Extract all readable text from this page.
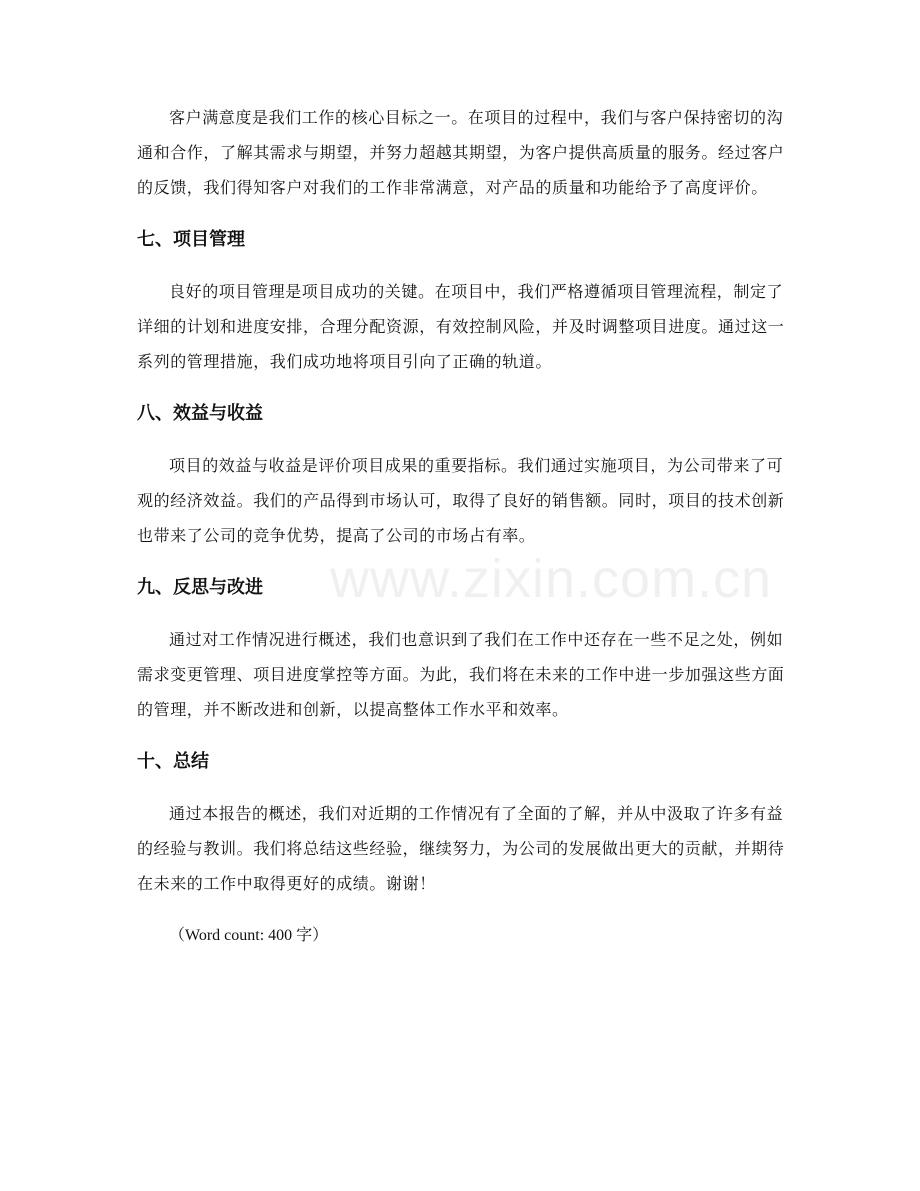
客户满意度是我们工作的核心目标之一。在项目的过程中，我们与客户保持密切的沟通和合作，了解其需求与期望，并努力超越其期望，为客户提供高质量的服务。经过客户的反馈，我们得知客户对我们的工作非常满意，对产品的质量和功能给予了高度评价。

七、项目管理

良好的项目管理是项目成功的关键。在项目中，我们严格遵循项目管理流程，制定了详细的计划和进度安排，合理分配资源，有效控制风险，并及时调整项目进度。通过这一系列的管理措施，我们成功地将项目引向了正确的轨道。

八、效益与收益

项目的效益与收益是评价项目成果的重要指标。我们通过实施项目，为公司带来了可观的经济效益。我们的产品得到市场认可，取得了良好的销售额。同时，项目的技术创新也带来了公司的竞争优势，提高了公司的市场占有率。

九、反思与改进

通过对工作情况进行概述，我们也意识到了我们在工作中还存在一些不足之处，例如需求变更管理、项目进度掌控等方面。为此，我们将在未来的工作中进一步加强这些方面的管理，并不断改进和创新，以提高整体工作水平和效率。

十、总结

通过本报告的概述，我们对近期的工作情况有了全面的了解，并从中汲取了许多有益的经验与教训。我们将总结这些经验，继续努力，为公司的发展做出更大的贡献，并期待在未来的工作中取得更好的成绩。谢谢！

（Word count: 400 字）

www.zixin.com.cn
